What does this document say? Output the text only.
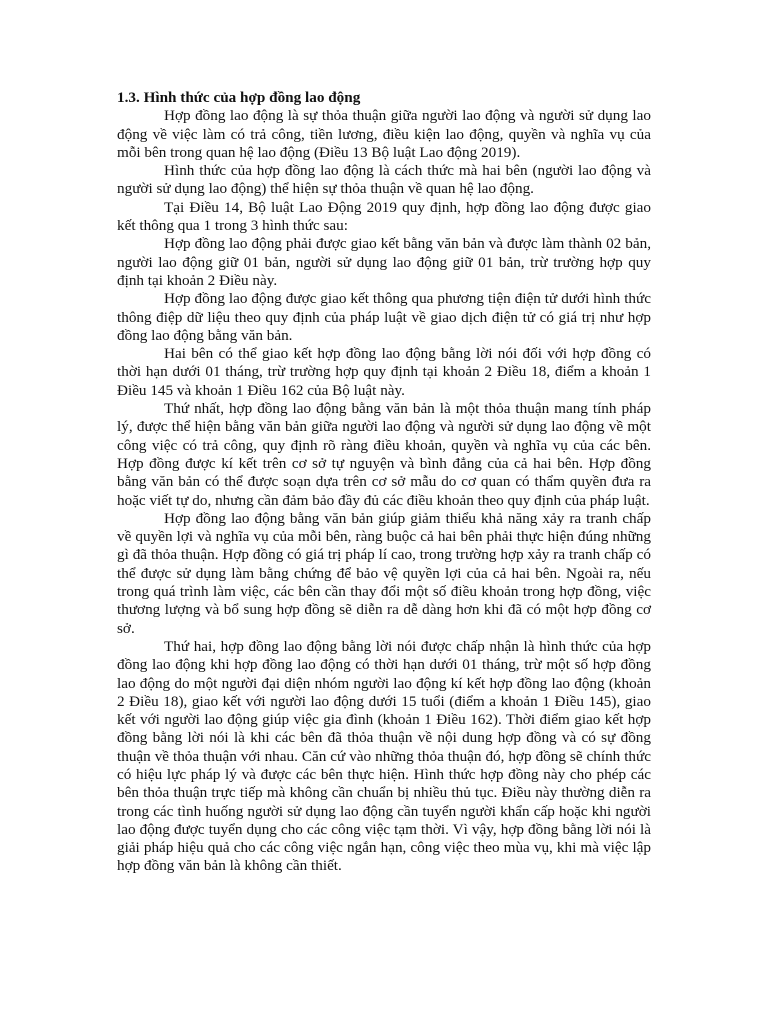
1.3. Hình thức của hợp đồng lao động

Hợp đồng lao động là sự thỏa thuận giữa người lao động và người sử dụng lao động về việc làm có trả công, tiền lương, điều kiện lao động, quyền và nghĩa vụ của mỗi bên trong quan hệ lao động (Điều 13 Bộ luật Lao động 2019).

Hình thức của hợp đồng lao động là cách thức mà hai bên (người lao động và người sử dụng lao động) thể hiện sự thỏa thuận về quan hệ lao động.

Tại Điều 14, Bộ luật Lao Động 2019 quy định, hợp đồng lao động được giao kết thông qua 1 trong 3 hình thức sau:

Hợp đồng lao động phải được giao kết bằng văn bản và được làm thành 02 bản, người lao động giữ 01 bản, người sử dụng lao động giữ 01 bản, trừ trường hợp quy định tại khoản 2 Điều này.

Hợp đồng lao động được giao kết thông qua phương tiện điện tử dưới hình thức thông điệp dữ liệu theo quy định của pháp luật về giao dịch điện tử có giá trị như hợp đồng lao động bằng văn bản.

Hai bên có thể giao kết hợp đồng lao động bằng lời nói đối với hợp đồng có thời hạn dưới 01 tháng, trừ trường hợp quy định tại khoản 2 Điều 18, điểm a khoản 1 Điều 145 và khoản 1 Điều 162 của Bộ luật này.

Thứ nhất, hợp đồng lao động bằng văn bản là một thỏa thuận mang tính pháp lý, được thể hiện bằng văn bản giữa người lao động và người sử dụng lao động về một công việc có trả công, quy định rõ ràng điều khoản, quyền và nghĩa vụ của các bên. Hợp đồng được kí kết trên cơ sở tự nguyện và bình đẳng của cả hai bên. Hợp đồng bằng văn bản có thể được soạn dựa trên cơ sở mẫu do cơ quan có thẩm quyền đưa ra hoặc viết tự do, nhưng cần đảm bảo đầy đủ các điều khoản theo quy định của pháp luật.

Hợp đồng lao động bằng văn bản giúp giảm thiểu khả năng xảy ra tranh chấp về quyền lợi và nghĩa vụ của mỗi bên, ràng buộc cả hai bên phải thực hiện đúng những gì đã thỏa thuận. Hợp đồng có giá trị pháp lí cao, trong trường hợp xảy ra tranh chấp có thể được sử dụng làm bằng chứng để bảo vệ quyền lợi của cả hai bên. Ngoài ra, nếu trong quá trình làm việc, các bên cần thay đổi một số điều khoản trong hợp đồng, việc thương lượng và bổ sung hợp đồng sẽ diễn ra dễ dàng hơn khi đã có một hợp đồng cơ sở.

Thứ hai, hợp đồng lao động bằng lời nói được chấp nhận là hình thức của hợp đồng lao động khi hợp đồng lao động có thời hạn dưới 01 tháng, trừ một số hợp đồng lao động do một người đại diện nhóm người lao động kí kết hợp đồng lao động (khoản 2 Điều 18), giao kết với người lao động dưới 15 tuổi (điểm a khoản 1 Điều 145), giao kết với người lao động giúp việc gia đình (khoản 1 Điều 162). Thời điểm giao kết hợp đồng bằng lời nói là khi các bên đã thỏa thuận về nội dung hợp đồng và có sự đồng thuận về thỏa thuận với nhau. Căn cứ vào những thỏa thuận đó, hợp đồng sẽ chính thức có hiệu lực pháp lý và được các bên thực hiện. Hình thức hợp đồng này cho phép các bên thỏa thuận trực tiếp mà không cần chuẩn bị nhiều thủ tục. Điều này thường diễn ra trong các tình huống người sử dụng lao động cần tuyển người khẩn cấp hoặc khi người lao động được tuyển dụng cho các công việc tạm thời. Vì vậy, hợp đồng bằng lời nói là giải pháp hiệu quả cho các công việc ngắn hạn, công việc theo mùa vụ, khi mà việc lập hợp đồng văn bản là không cần thiết.
